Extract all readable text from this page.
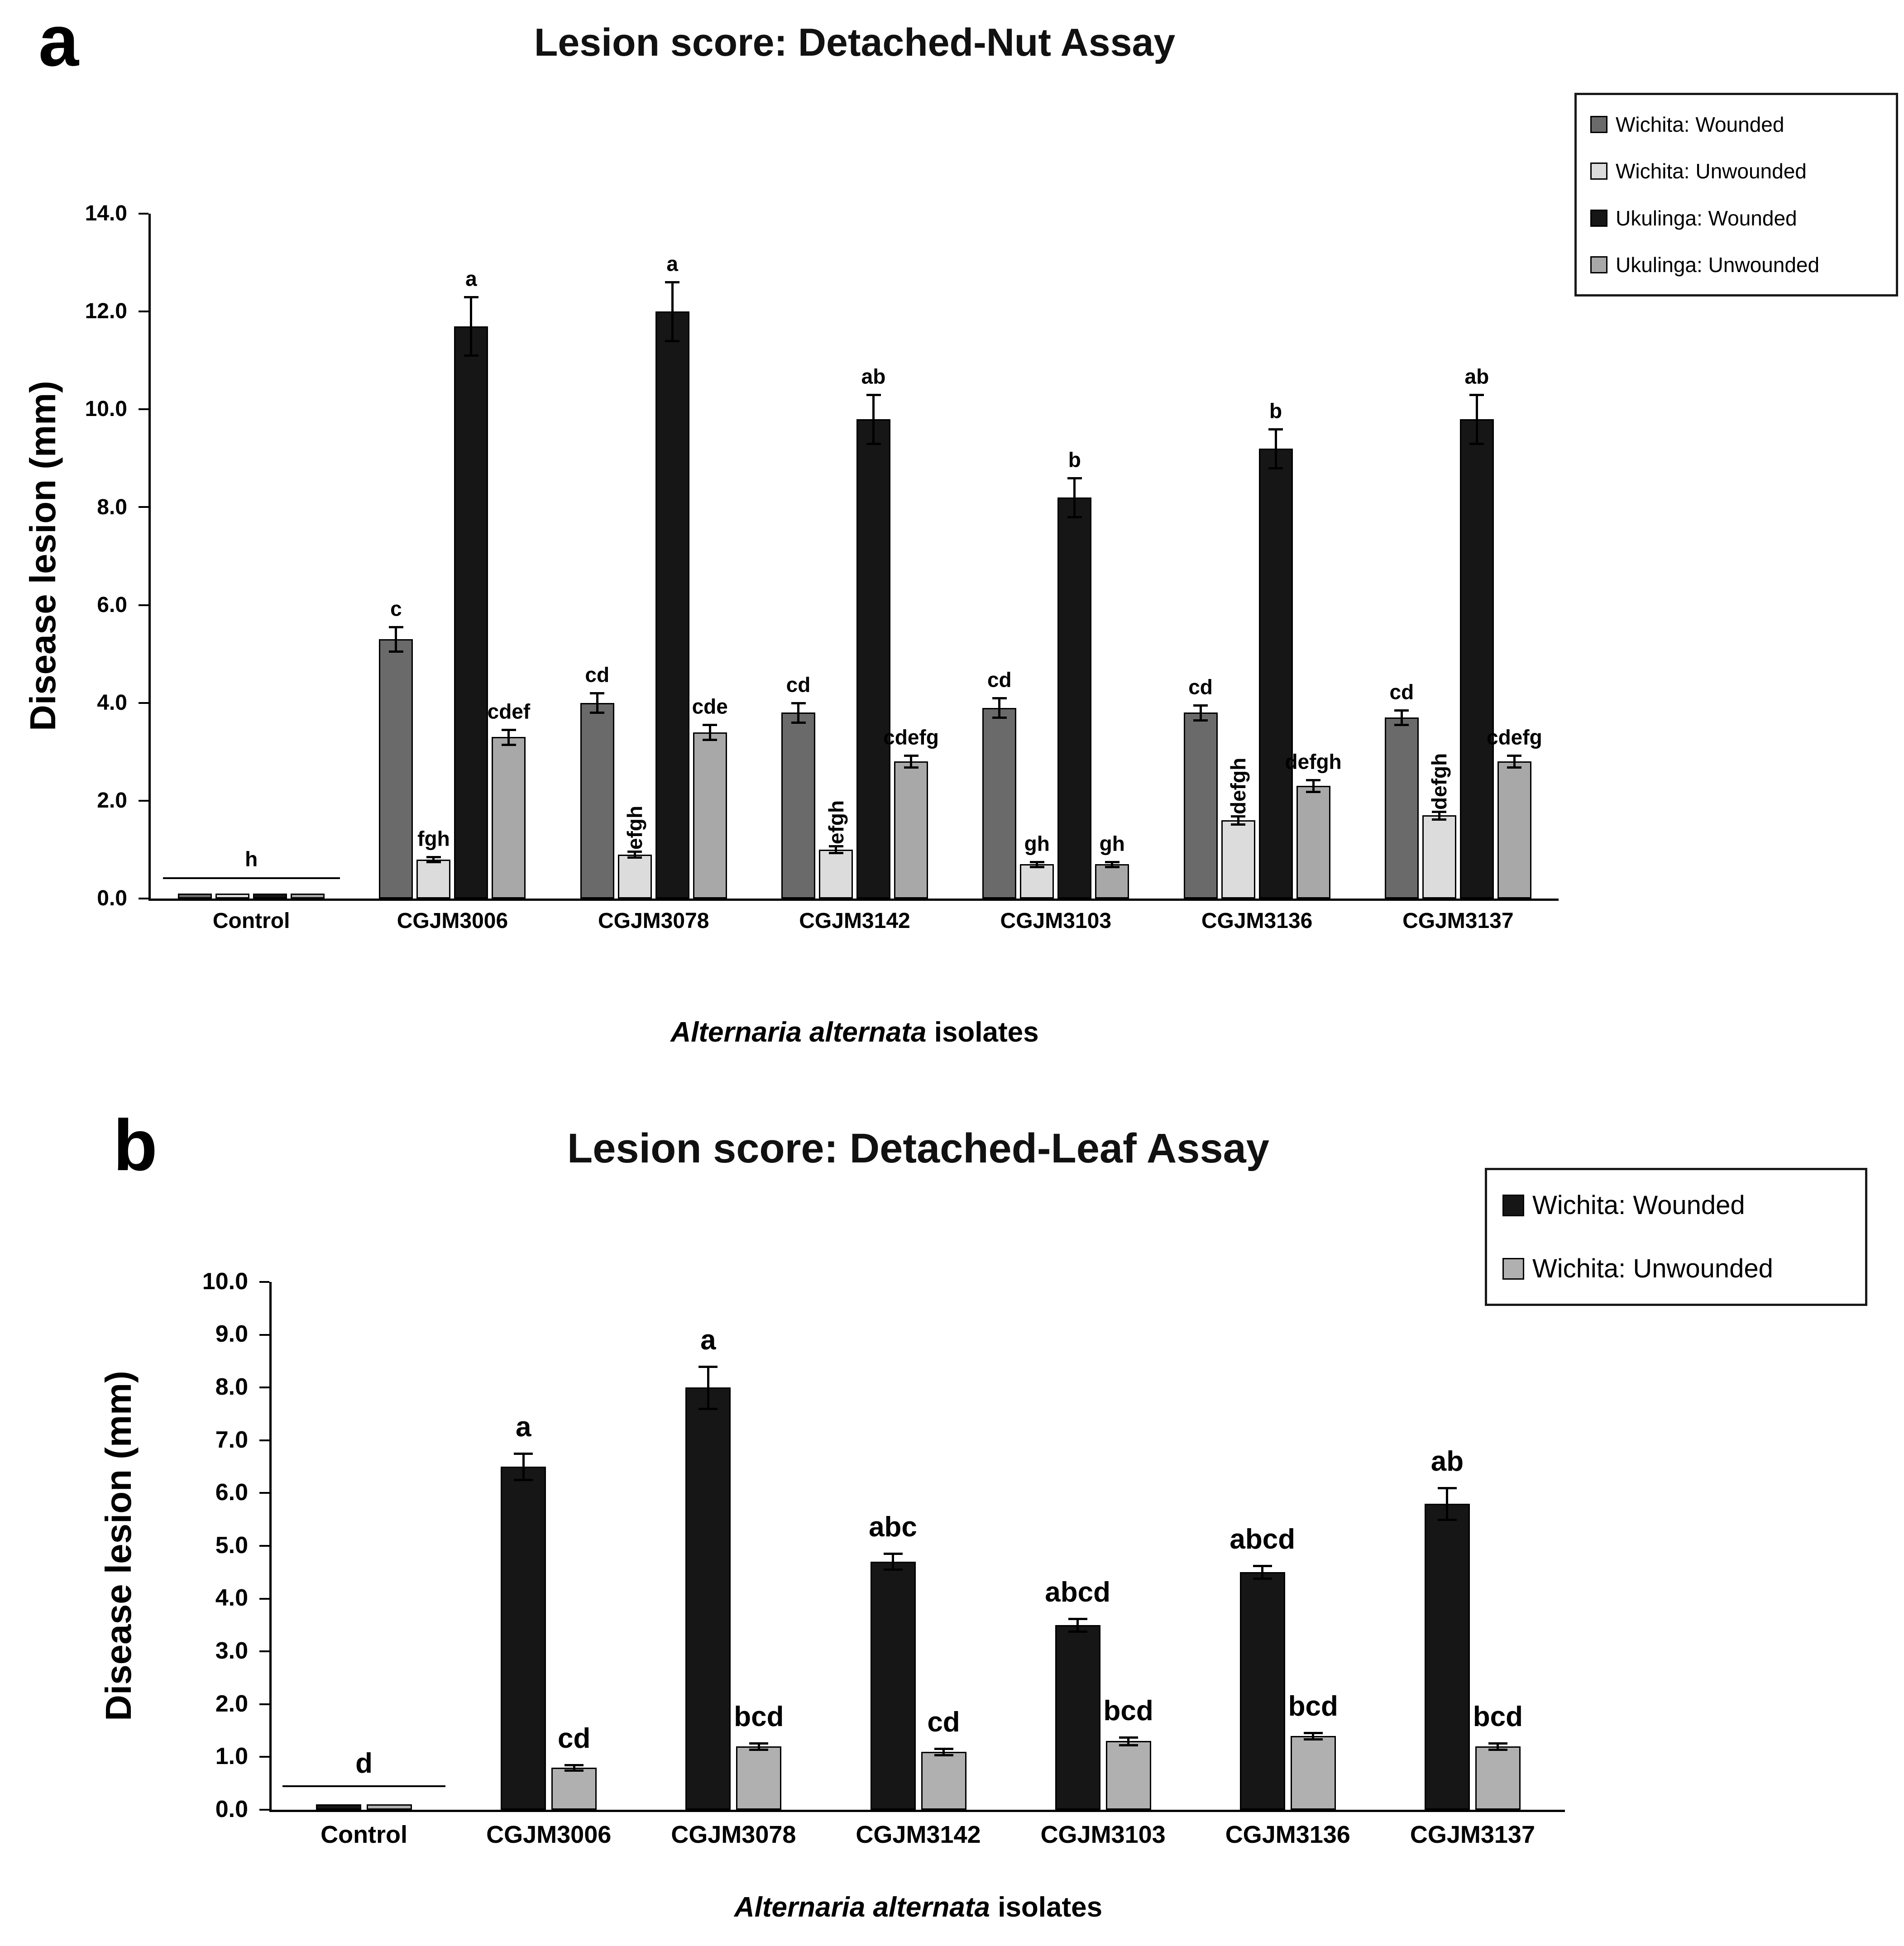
a	Lesion score: Detached-Nut Assay
Disease lesion (mm)
Wichita: Wounded
Wichita: Unwounded
Ukulinga: Wounded
Ukulinga: Unwounded
0.0
2.0
4.0
6.0
8.0
10.0
12.0
14.0
Control	CGJM3006
c
fgh
a
cdef
CGJM3078
cd
efgh
a
cde
CGJM3142
cd
efgh
ab
cdefg
CGJM3103
cd
gh
b
gh
CGJM3136
cd
defgh
b
defgh
CGJM3137
cd
defgh
ab
cdefg
h
Alternaria alternata isolates
b	Lesion score: Detached-Leaf Assay
Disease lesion (mm)
Wichita: Wounded
Wichita: Unwounded
0.0
1.0
2.0
3.0
4.0
5.0
6.0
7.0
8.0
9.0
10.0
Control	CGJM3006
a
cd
CGJM3078
a
bcd
CGJM3142
abc
cd
CGJM3103
abcd
bcd
CGJM3136
abcd
bcd
CGJM3137
ab
bcd
d
Alternaria alternata isolates
